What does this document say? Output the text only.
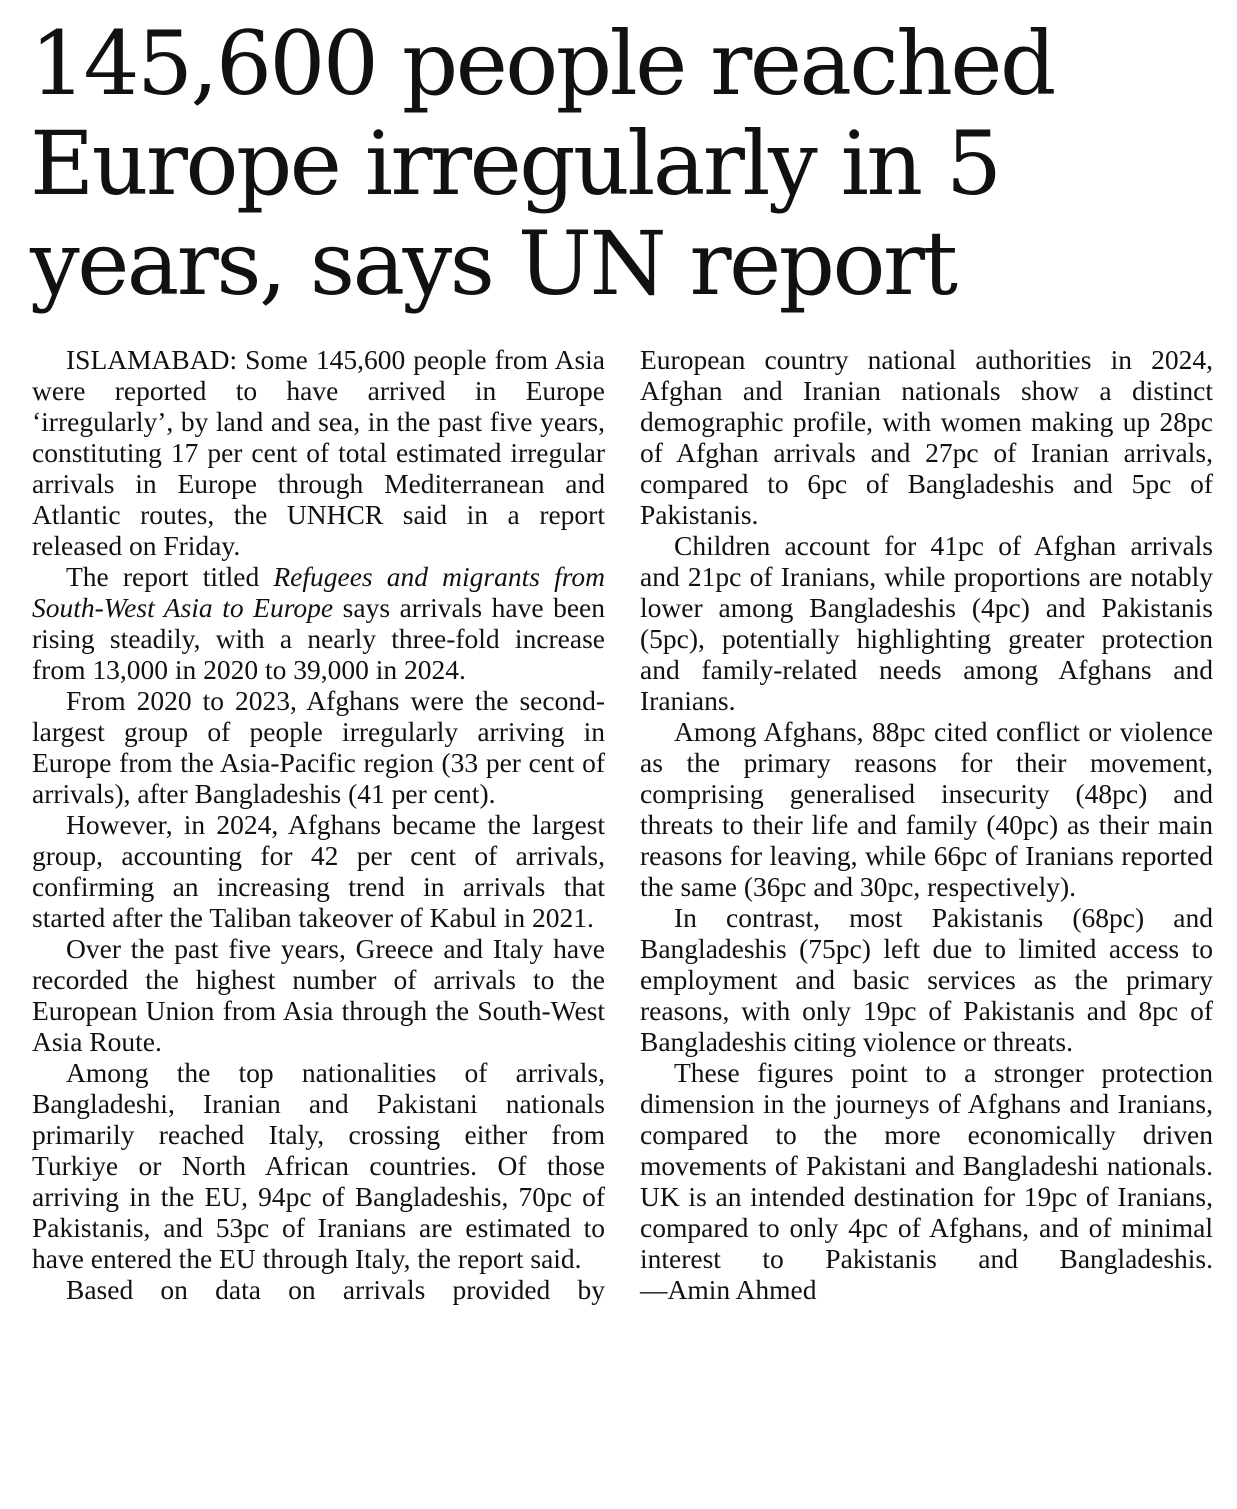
145,600 people reached Europe irregularly in 5 years, says UN report

ISLAMABAD: Some 145,600 people from Asia were reported to have arrived in Europe ‘irregularly’, by land and sea, in the past five years, constituting 17 per cent of total estimated irregular arrivals in Europe through Mediterranean and Atlantic routes, the UNHCR said in a report released on Friday.

The report titled Refugees and migrants from South-West Asia to Europe says arrivals have been rising steadily, with a nearly three-fold increase from 13,000 in 2020 to 39,000 in 2024.

From 2020 to 2023, Afghans were the second-largest group of people irregularly arriving in Europe from the Asia-Pacific region (33 per cent of arrivals), after Bangladeshis (41 per cent).

However, in 2024, Afghans became the largest group, accounting for 42 per cent of arrivals, confirming an increasing trend in arrivals that started after the Taliban takeover of Kabul in 2021.

Over the past five years, Greece and Italy have recorded the highest number of arrivals to the European Union from Asia through the South-West Asia Route.

Among the top nationalities of arrivals, Bangladeshi, Iranian and Pakistani nationals primarily reached Italy, crossing either from Turkiye or North African countries. Of those arriving in the EU, 94pc of Bangladeshis, 70pc of Pakistanis, and 53pc of Iranians are estimated to have entered the EU through Italy, the report said.

Based on data on arrivals provided by

European country national authorities in 2024, Afghan and Iranian nationals show a distinct demographic profile, with women making up 28pc of Afghan arrivals and 27pc of Iranian arrivals, compared to 6pc of Bangladeshis and 5pc of Pakistanis.

Children account for 41pc of Afghan arrivals and 21pc of Iranians, while proportions are notably lower among Bangladeshis (4pc) and Pakistanis (5pc), potentially highlighting greater protection and family-related needs among Afghans and Iranians.

Among Afghans, 88pc cited conflict or violence as the primary reasons for their movement, comprising generalised insecurity (48pc) and threats to their life and family (40pc) as their main reasons for leaving, while 66pc of Iranians reported the same (36pc and 30pc, respectively).

In contrast, most Pakistanis (68pc) and Bangladeshis (75pc) left due to limited access to employment and basic services as the primary reasons, with only 19pc of Pakistanis and 8pc of Bangladeshis citing violence or threats.

These figures point to a stronger protection dimension in the journeys of Afghans and Iranians, compared to the more economically driven movements of Pakistani and Bangladeshi nationals. UK is an intended destination for 19pc of Iranians, compared to only 4pc of Afghans, and of minimal interest to Pakistanis and Bangladeshis.

—Amin Ahmed
